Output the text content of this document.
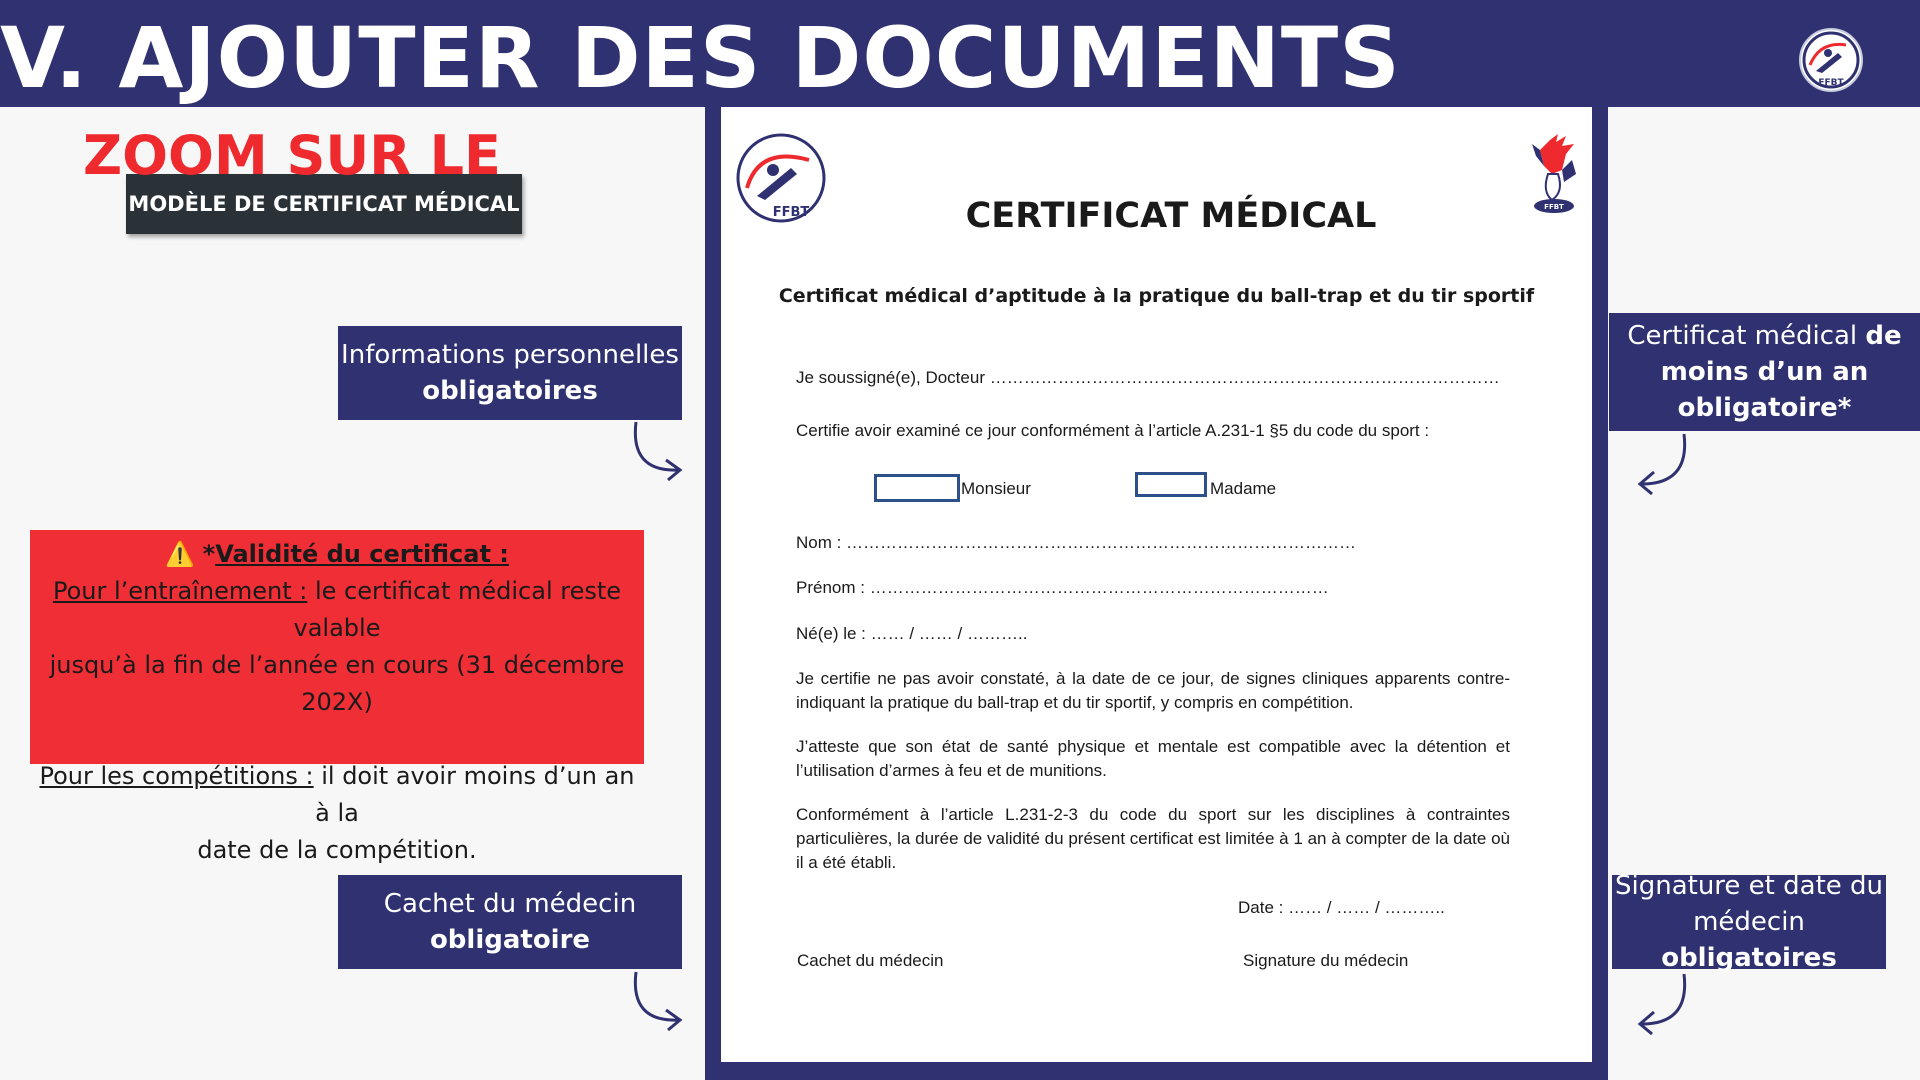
V. AJOUTER DES DOCUMENTS	FFBT
MODÈLE DE CERTIFICAT MÉDICAL
ZOOM SUR LE
Informations personnelles
obligatoires
⚠️ *Validité du certificat :
Pour l’entraînement : le certificat médical reste valable
jusqu’à la fin de l’année en cours (31 décembre 202X)
Pour les compétitions : il doit avoir moins d’un an à la
date de la compétition.
Cachet du médecin
obligatoire
FFBT	FFBT
CERTIFICAT MÉDICAL
Certificat médical d’aptitude à la pratique du ball-trap et du tir sportif
Je soussigné(e), Docteur ………………………………………………………………………………
Certifie avoir examiné ce jour conformément à l’article A.231-1 §5 du code du sport :
Monsieur	Madame
Nom : ………………………………………………………………………………
Prénom : ………………………………………………………………………
Né(e) le : …… / …… / ………..
Je certifie ne pas avoir constaté, à la date de ce jour, de signes cliniques apparents contre-indiquant la pratique du ball-trap et du tir sportif, y compris en compétition.
J’atteste que son état de santé physique et mentale est compatible avec la détention et l’utilisation d’armes à feu et de munitions.
Conformément à l’article L.231-2-3 du code du sport sur les disciplines à contraintes particulières, la durée de validité du présent certificat est limitée à 1 an à compter de la date où il a été établi.
Date : …… / …… / ………..
Cachet du médecin	Signature du médecin
Certificat médical de
moins d’un an
obligatoire*
Signature et date du
médecin obligatoires
